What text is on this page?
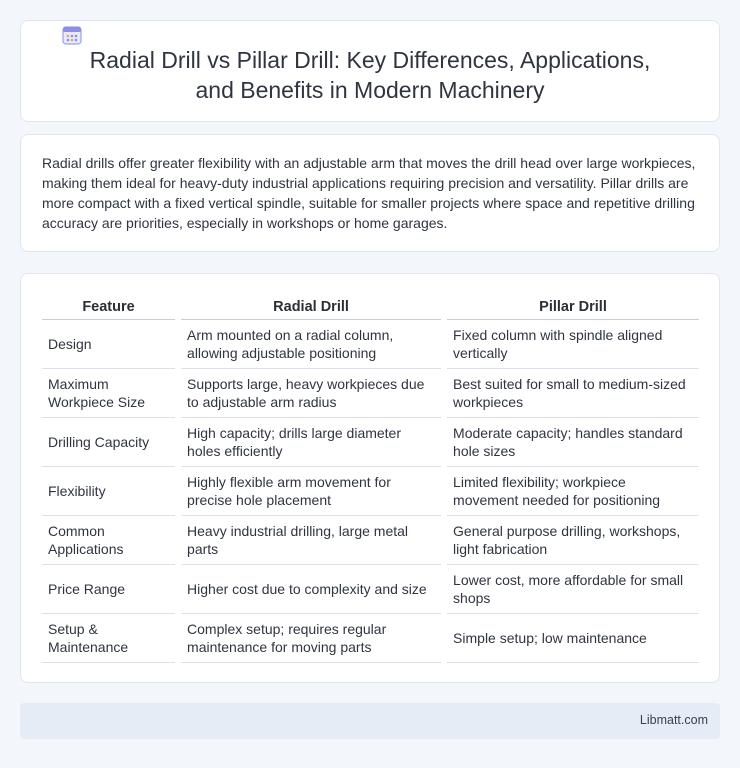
Radial Drill vs Pillar Drill: Key Differences, Applications,
and Benefits in Modern Machinery

Radial drills offer greater flexibility with an adjustable arm that moves the drill head over large workpieces, making them ideal for heavy-duty industrial applications requiring precision and versatility. Pillar drills are more compact with a fixed vertical spindle, suitable for smaller projects where space and repetitive drilling accuracy are priorities, especially in workshops or home garages.

Feature	Radial Drill	Pillar Drill
Design	Arm mounted on a radial column, allowing adjustable positioning	Fixed column with spindle aligned vertically
Maximum Workpiece Size	Supports large, heavy workpieces due to adjustable arm radius	Best suited for small to medium-sized workpieces
Drilling Capacity	High capacity; drills large diameter holes efficiently	Moderate capacity; handles standard hole sizes
Flexibility	Highly flexible arm movement for precise hole placement	Limited flexibility; workpiece movement needed for positioning
Common Applications	Heavy industrial drilling, large metal parts	General purpose drilling, workshops, light fabrication
Price Range	Higher cost due to complexity and size	Lower cost, more affordable for small shops
Setup & Maintenance	Complex setup; requires regular maintenance for moving parts	Simple setup; low maintenance
Libmatt.com
